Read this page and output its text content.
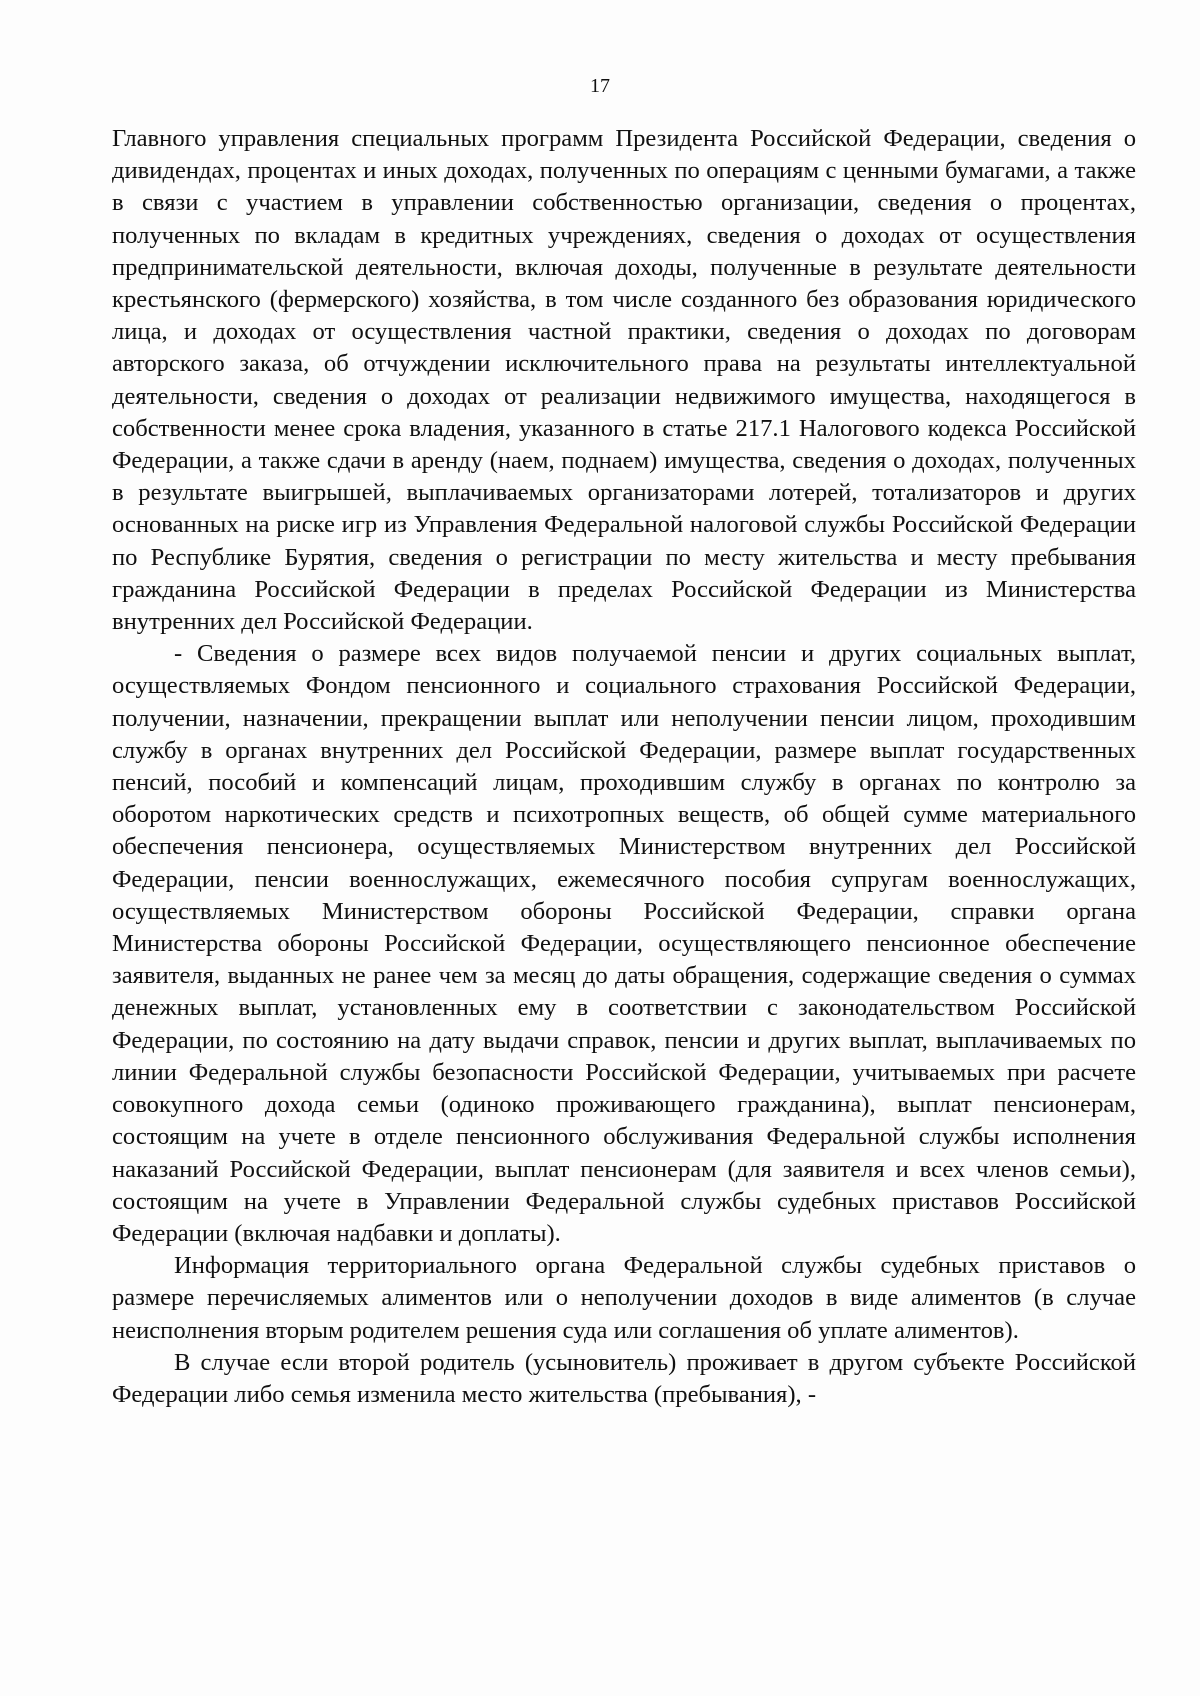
17

Главного управления специальных программ Президента Российской Федерации, сведения о дивидендах, процентах и иных доходах, полученных по операциям с ценными бумагами, а также в связи с участием в управлении собственностью организации, сведения о процентах, полученных по вкладам в кредитных учреждениях, сведения о доходах от осуществления предпринимательской деятельности, включая доходы, полученные в результате деятельности крестьянского (фермерского) хозяйства, в том числе созданного без образования юридического лица, и доходах от осуществления частной практики, сведения о доходах по договорам авторского заказа, об отчуждении исключительного права на результаты интеллектуальной деятельности, сведения о доходах от реализации недвижимого имущества, находящегося в собственности менее срока владения, указанного в статье 217.1 Налогового кодекса Российской Федерации, а также сдачи в аренду (наем, поднаем) имущества, сведения о доходах, полученных в результате выигрышей, выплачиваемых организаторами лотерей, тотализаторов и других основанных на риске игр из Управления Федеральной налоговой службы Российской Федерации по Республике Бурятия, сведения о регистрации по месту жительства и месту пребывания гражданина Российской Федерации в пределах Российской Федерации из Министерства внутренних дел Российской Федерации.

- Сведения о размере всех видов получаемой пенсии и других социальных выплат, осуществляемых Фондом пенсионного и социального страхования Российской Федерации, получении, назначении, прекращении выплат или неполучении пенсии лицом, проходившим службу в органах внутренних дел Российской Федерации, размере выплат государственных пенсий, пособий и компенсаций лицам, проходившим службу в органах по контролю за оборотом наркотических средств и психотропных веществ, об общей сумме материального обеспечения пенсионера, осуществляемых Министерством внутренних дел Российской Федерации, пенсии военнослужащих, ежемесячного пособия супругам военнослужащих, осуществляемых Министерством обороны Российской Федерации, справки органа Министерства обороны Российской Федерации, осуществляющего пенсионное обеспечение заявителя, выданных не ранее чем за месяц до даты обращения, содержащие сведения о суммах денежных выплат, установленных ему в соответствии с законодательством Российской Федерации, по состоянию на дату выдачи справок, пенсии и других выплат, выплачиваемых по линии Федеральной службы безопасности Российской Федерации, учитываемых при расчете совокупного дохода семьи (одиноко проживающего гражданина), выплат пенсионерам, состоящим на учете в отделе пенсионного обслуживания Федеральной службы исполнения наказаний Российской Федерации, выплат пенсионерам (для заявителя и всех членов семьи), состоящим на учете в Управлении Федеральной службы судебных приставов Российской Федерации (включая надбавки и доплаты).

Информация территориального органа Федеральной службы судебных приставов о размере перечисляемых алиментов или о неполучении доходов в виде алиментов (в случае неисполнения вторым родителем решения суда или соглашения об уплате алиментов).

В случае если второй родитель (усыновитель) проживает в другом субъекте Российской Федерации либо семья изменила место жительства (пребывания), -
